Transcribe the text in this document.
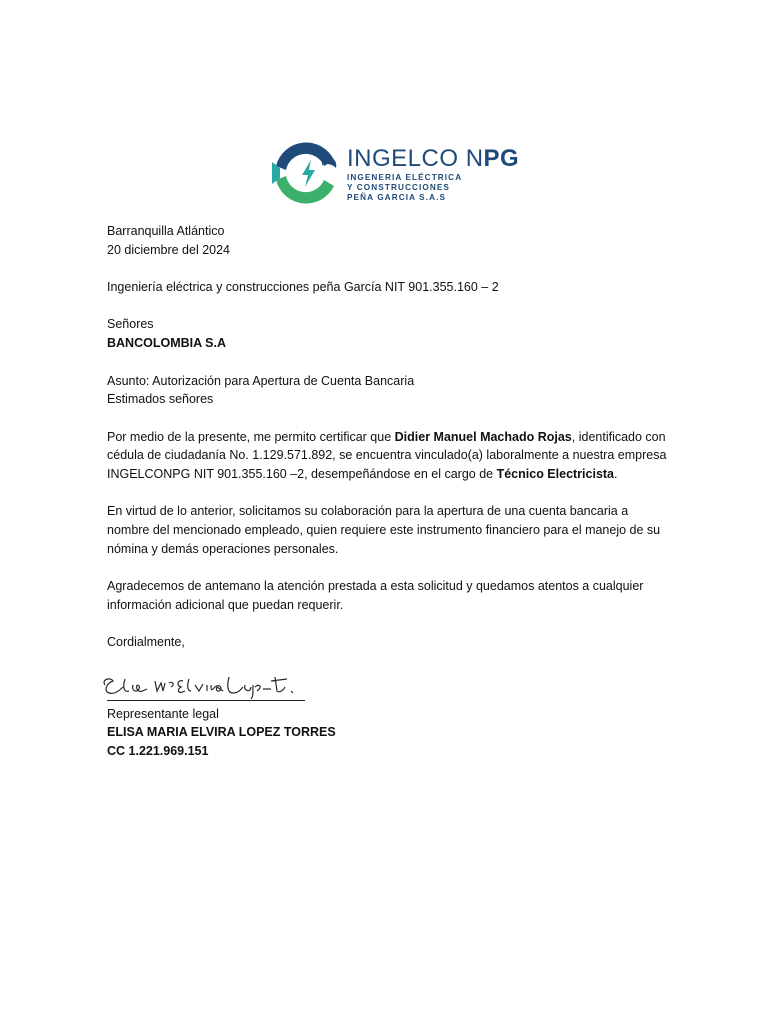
INGELCO NPG
INGENERIA ELÉCTRICA
Y CONSTRUCCIONES
PEÑA GARCIA S.A.S

Barranquilla Atlántico

20 diciembre del 2024

Ingeniería eléctrica y construcciones peña García NIT 901.355.160 – 2

Señores

BANCOLOMBIA S.A

Asunto: Autorización para Apertura de Cuenta Bancaria

Estimados señores

Por medio de la presente, me permito certificar que Didier Manuel Machado Rojas, identificado con cédula de ciudadanía No. 1.129.571.892, se encuentra vinculado(a) laboralmente a nuestra empresa INGELCONPG NIT 901.355.160 –2, desempeñándose en el cargo de Técnico Electricista.

En virtud de lo anterior, solicitamos su colaboración para la apertura de una cuenta bancaria a nombre del mencionado empleado, quien requiere este instrumento financiero para el manejo de su nómina y demás operaciones personales.

Agradecemos de antemano la atención prestada a esta solicitud y quedamos atentos a cualquier información adicional que puedan requerir.

Cordialmente,

Representante legal

ELISA MARIA ELVIRA LOPEZ TORRES

CC 1.221.969.151
